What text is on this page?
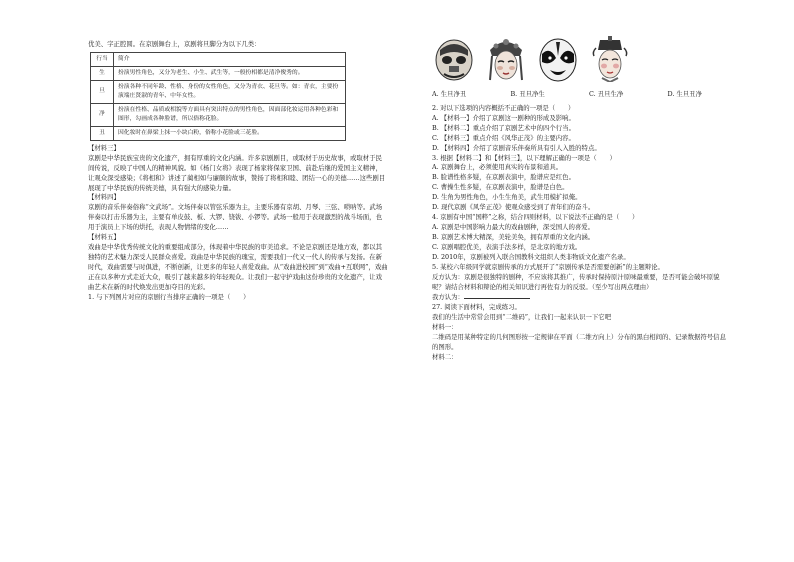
优美、字正腔圆。在京剧舞台上，京剧将旦脚分为以下几类：

行当	简介
生	扮演男性角色，又分为老生、小生、武生等，一般扮相都是清净俊秀的。
旦	扮演各种不同年龄、性格、身份的女性角色，又分为青衣、花旦等。如：青衣，主要扮演端庄贤淑的青年、中年女性。
净	扮演在性格、品质或相貌等方面具有突出特点的男性角色，因面部化妆运用各种色彩和图形，勾画成各种脸谱，所以俗称花脸。
丑	因化妆时在鼻梁上抹一小块白粉，俗称小花脸或三花脸。

【材料三】

京剧是中华民族宝贵的文化遗产，拥有厚重的文化内涵。许多京剧剧目，或取材于历史故事，或取材于民间传说，反映了中国人的精神风貌。如《杨门女将》表现了杨家将保家卫国、前赴后继的爱国主义精神，让观众深受感染；《将相和》讲述了蔺相如与廉颇的故事，赞扬了将相和睦、团结一心的美德……这些剧目展现了中华民族的传统美德，具有强大的感染力量。

【材料四】

京剧的音乐伴奏俗称“文武场”。文场伴奏以管弦乐器为主，主要乐器有京胡、月琴、三弦、唢呐等。武场伴奏以打击乐器为主，主要有单皮鼓、板、大锣、铙钹、小锣等。武场一般用于表现激烈的战斗场面，也用于演员上下场的烘托，表现人物情绪的变化……

【材料五】

戏曲是中华优秀传统文化的重要组成部分，体现着中华民族的审美追求。不论是京剧还是地方戏，都以其独特的艺术魅力深受人民群众喜爱。戏曲是中华民族的瑰宝，需要我们一代又一代人的传承与发扬。在新时代，戏曲需要与时俱进，不断创新，让更多的年轻人喜爱戏曲。从“戏曲进校园”到“戏曲+互联网”，戏曲正在以多种方式走近大众，吸引了越来越多的年轻观众。让我们一起守护戏曲这份珍贵的文化遗产，让戏曲艺术在新的时代焕发出更加夺目的光彩。

1. 与下列图片对应的京剧行当排序正确的一项是（　　）

A. 生旦净丑	B. 丑旦净生	C. 丑旦生净	D. 生旦丑净

2. 对以下选项的内容概括不正确的一项是（　　）

A. 【材料一】介绍了京剧这一剧种的形成及影响。

B. 【材料二】重点介绍了京剧艺术中的四个行当。

C. 【材料三】重点介绍《风华正茂》的主要内容。

D. 【材料四】介绍了京剧音乐伴奏所具有引人入胜的特点。

3. 根据【材料二】和【材料三】，以下理解正确的一项是（　　）

A. 京剧舞台上，必须使用真实的布景和道具。

B. 脸谱性格多疑，在京剧表演中，脸谱应是红色。

C. 曹操生性多疑，在京剧表演中，脸谱是白色。

D. 生角为男性角色，小生生角美，武生用模扩拟俺。

D. 现代京剧《风华正茂》使观众感受到了青年们的奋斗。

4. 京剧有中国“国粹”之称，结合四则材料，以下说法不正确的是（　　）

A. 京剧是中国影响力最大的戏曲剧种，深受国人的喜爱。

B. 京剧艺术博大精深，美轮美奂，拥有厚重的文化内涵。

C. 京剧唱腔优美，表演手法多样，是北京的地方戏。

D. 2010年，京剧被列入联合国教科文组织人类非物质文化遗产名录。

5. 某校六年级同学就京剧传承的方式展开了“京剧传承是否需要创新”的主题辩论。

反方认为：京剧是很独特的剧种，不应该将其推广，传承时保持原汁原味最重要，是否可能会破坏原貌呢？请结合材料和辩论的相关知识进行再佐有力的反驳。（至少写出两点理由）

我方认为：

27. 阅读下面材料，完成练习。

我们的生活中常常会用到“二维码”，让我们一起来认识一下它吧

材料一：

二维码是用某种特定的几何图形按一定规律在平面（二维方向上）分布的黑白相间的、记录数据符号信息的图形。

材料二：
